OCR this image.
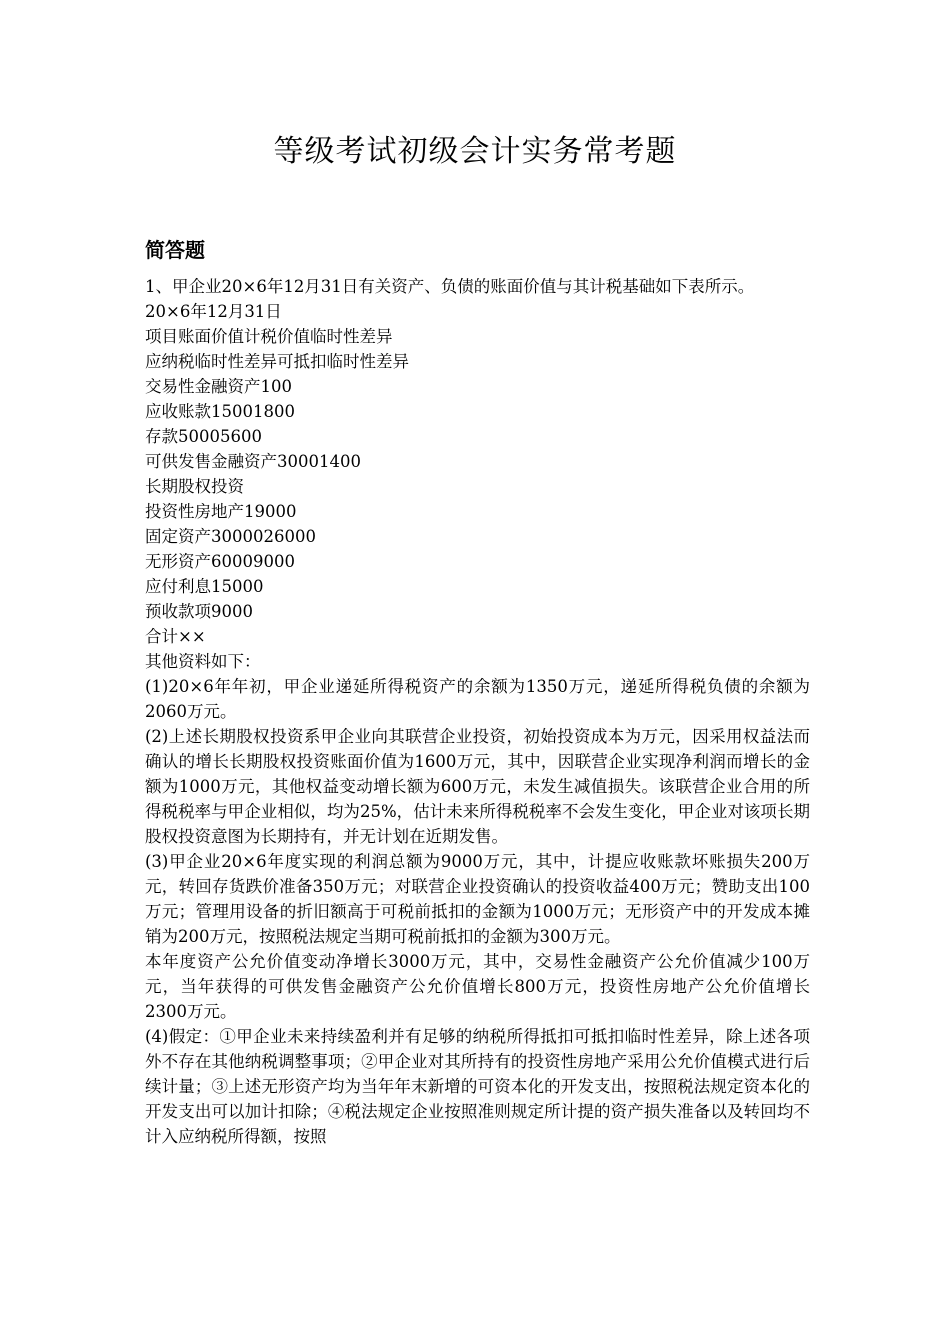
等级考试初级会计实务常考题
简答题

1、甲企业20×6年12月31日有关资产、负债的账面价值与其计税基础如下表所示。

20×6年12月31日

项目账面价值计税价值临时性差异

应纳税临时性差异可抵扣临时性差异

交易性金融资产100

应收账款15001800

存款50005600

可供发售金融资产30001400

长期股权投资

投资性房地产19000

固定资产3000026000

无形资产60009000

应付利息15000

预收款项9000

合计××

其他资料如下：

(1)20×6年年初，甲企业递延所得税资产的余额为1350万元，递延所得税负债的余额为2060万元。

(2)上述长期股权投资系甲企业向其联营企业投资，初始投资成本为万元，因采用权益法而确认的增长长期股权投资账面价值为1600万元，其中，因联营企业实现净利润而增长的金额为1000万元，其他权益变动增长额为600万元，未发生减值损失。该联营企业合用的所得税税率与甲企业相似，均为25%，估计未来所得税税率不会发生变化，甲企业对该项长期股权投资意图为长期持有，并无计划在近期发售。

(3)甲企业20×6年度实现的利润总额为9000万元，其中，计提应收账款坏账损失200万元，转回存货跌价准备350万元；对联营企业投资确认的投资收益400万元；赞助支出100万元；管理用设备的折旧额高于可税前抵扣的金额为1000万元；无形资产中的开发成本摊销为200万元，按照税法规定当期可税前抵扣的金额为300万元。

本年度资产公允价值变动净增长3000万元，其中，交易性金融资产公允价值减少100万元，当年获得的可供发售金融资产公允价值增长800万元，投资性房地产公允价值增长2300万元。

(4)假定：①甲企业未来持续盈利并有足够的纳税所得抵扣可抵扣临时性差异，除上述各项外不存在其他纳税调整事项；②甲企业对其所持有的投资性房地产采用公允价值模式进行后续计量；③上述无形资产均为当年年末新增的可资本化的开发支出，按照税法规定资本化的开发支出可以加计扣除；④税法规定企业按照准则规定所计提的资产损失准备以及转回均不计入应纳税所得额，按照
